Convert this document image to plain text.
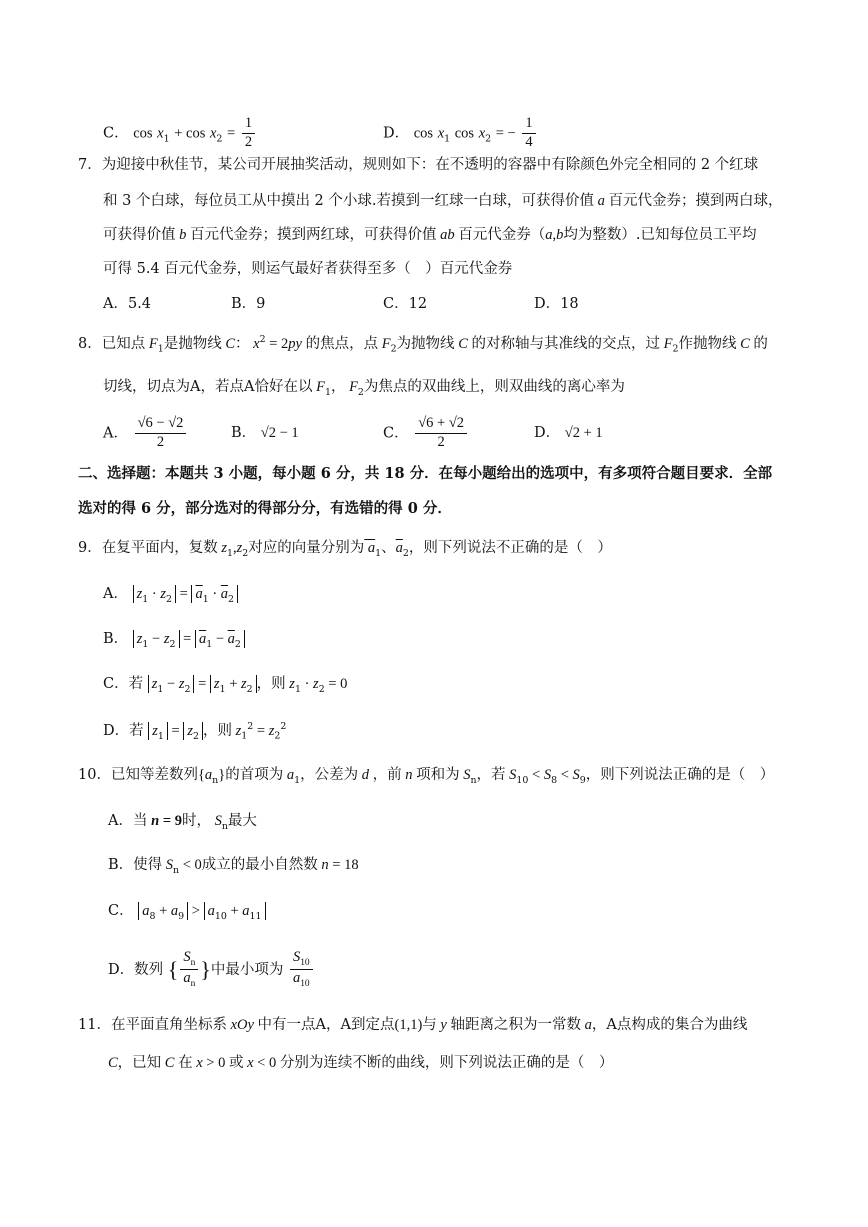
C． $\cos x_1 + \cos x_2 = \frac{1}{2}$	D． $\cos x_1$ $\cos x_2$ = − $\frac{1}{4}$
7．为迎接中秋佳节，某公司开展抽奖活动，规则如下：在不透明的容器中有除颜色外完全相同的 2 个红球
和 3 个白球，每位员工从中摸出 2 个小球.若摸到一红球一白球，可获得价值 a 百元代金券；摸到两白球，
可获得价值 b 百元代金券；摸到两红球，可获得价值 ab 百元代金券（a,b均为整数）.已知每位员工平均
可得 5.4 百元代金券，则运气最好者获得至多（　）百元代金券
A．5.4	B．9	C．12	D．18
8．已知点 $F_1$是抛物线 C： $x^2 = 2py$ 的焦点，点 $F_2$为抛物线 C 的对称轴与其准线的交点，过 $F_2$作抛物线 C 的
切线，切点为A，若点A恰好在以 $F_1$， $F_2$为焦点的双曲线上，则双曲线的离心率为
A． $\frac{√6 - √2}{2}$	B． √2 − 1	C． $\frac{√6 + √2}{2}$	D． √2 + 1
二、选择题：本题共 3 小题，每小题 6 分，共 18 分．在每小题给出的选项中，有多项符合题目要求．全部
选对的得 6 分，部分选对的得部分分，有选错的得 0 分．
9．在复平面内，复数 $z_1,z_2$对应的向量分别为 $a_1$、$\overline{a}_2$，则下列说法不正确的是（　）
A． $z_1 \cdot z_2 = \overline{a}_1 \cdot \overline{a}_2$
B． $z_1 - z_2 = \overline{a}_1 - \overline{a}_2$
C．若 $z_1 - z_2 = z_1 + z_2$ ，则 $z_1 \cdot z_2 = 0$
D．若 $z_1 = z_2$ ，则 $z_1^2 = z_2^2$
10．已知等差数列$\{a_n\}$的首项为 $a_1$，公差为 d ，前 n 项和为 $S_n$，若 $S_{10} < S_8 < S_9$，则下列说法正确的是（　）
A．当 n = 9时， $S_n$最大
B．使得 $S_n < 0$成立的最小自然数 n = 18
C． $a_8 + a_9 > a_{10} + a_{11}$
D．数列 { $\frac{S_n}{a_n}$ }中最小项为 $\frac{S_{10}}{a_{10}}$
11．在平面直角坐标系 xOy 中有一点A，A到定点(1,1)与 y 轴距离之积为一常数 a，A点构成的集合为曲线
C，已知 C 在 x > 0 或 x < 0 分别为连续不断的曲线，则下列说法正确的是（　）
